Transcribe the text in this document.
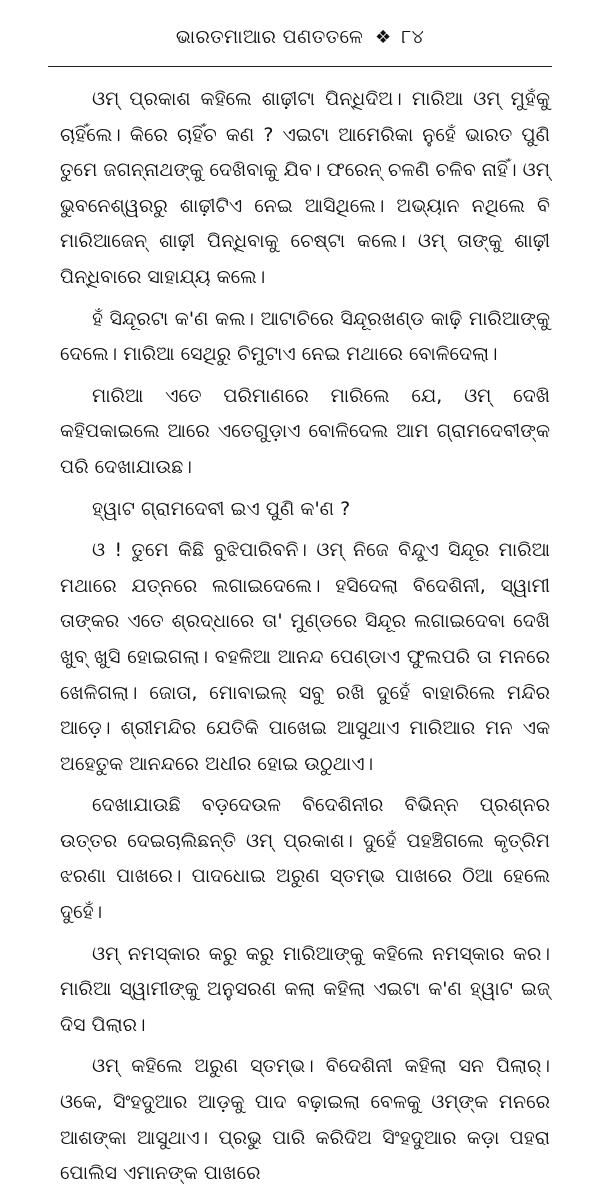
ଭାରତମାଆର ପଣତତଳେ ❖ ୮୪

ଓମ୍ ପ୍ରକାଶ କହିଲେ ଶାଢ଼ୀଟା ପିନ୍ଧିଦିଅ। ମାରିଆ ଓମ୍ ମୁହଁକୁ ଚାହିଁଲେ। କିରେ ଚାହିଁଚ କଣ ? ଏଇଟା ଆମେରିକା ନୁହେଁ ଭାରତ ପୁଣି ତୁମେ ଜଗନ୍ନାଥଙ୍କୁ ଦେଖିବାକୁ ଯିବ। ଫରେନ୍ ଚଳଣି ଚଳିବ ନାହିଁ। ଓମ୍ ଭୁବନେଶ୍ୱରରୁ ଶାଢ଼ୀଟିଏ ନେଇ ଆସିଥିଲେ। ଅଭ୍ୟାନ ନଥିଲେ ବି ମାରିଆଜେନ୍ ଶାଢ଼ୀ ପିନ୍ଧିବାକୁ ଚେଷ୍ଟା କଲେ। ଓମ୍ ତାଙ୍କୁ ଶାଢ଼ୀ ପିନ୍ଧିବାରେ ସାହାଯ୍ୟ କଲେ।

ହଁ ସିନ୍ଦୂରଟା କ'ଣ କଲ। ଆଟାଚିରେ ସିନ୍ଦୂରଖଣ୍ଡ କାଢ଼ି ମାରିଆଙ୍କୁ ଦେଲେ। ମାରିଆ ସେଥିରୁ ଚିମୁଟାଏ ନେଇ ମଥାରେ ବୋଳିଦେଲା।

ମାରିଆ ଏତେ ପରିମାଣରେ ମାରିଲେ ଯେ, ଓମ୍ ଦେଖି କହିପକାଇଲେ ଆରେ ଏତେଗୁଡ଼ାଏ ବୋଳିଦେଲ ଆମ ଗ୍ରାମଦେବୀଙ୍କ ପରି ଦେଖାଯାଉଛ।

ହ୍ୱାଟ ଗ୍ରାମଦେବୀ ଇଏ ପୁଣି କ'ଣ ?

ଓ ! ତୁମେ କିଛି ବୁଝିପାରିବନି। ଓମ୍ ନିଜେ ବିନ୍ଦୁଏ ସିନ୍ଦୂର ମାରିଆ ମଥାରେ ଯତ୍ନରେ ଲଗାଇଦେଲେ। ହସିଦେଲା ବିଦେଶିନୀ, ସ୍ୱାମୀ ତାଙ୍କର ଏତେ ଶ୍ରଦ୍ଧାରେ ତା' ମୁଣ୍ଡରେ ସିନ୍ଦୂର ଲଗାଇଦେବା ଦେଖି ଖୁବ୍ ଖୁସି ହୋଇଗଲା। ବହଳିଆ ଆନନ୍ଦ ପେଣ୍ଡାଏ ଫୁଲପରି ତା ମନରେ ଖେଳିଗଲା। ଜୋତା, ମୋବାଇଲ୍ ସବୁ ରଖି ଦୁହେଁ ବାହାରିଲେ ମନ୍ଦିର ଆଡ଼େ। ଶ୍ରୀମନ୍ଦିର ଯେତିକି ପାଖେଇ ଆସୁଥାଏ ମାରିଆର ମନ ଏକ ଅହେତୁକ ଆନନ୍ଦରେ ଅଧୀର ହୋଇ ଉଠୁଥାଏ।

ଦେଖାଯାଉଛି ବଡ଼ଦେଉଳ ବିଦେଶିନୀର ବିଭିନ୍ନ ପ୍ରଶ୍ନର ଉତ୍ତର ଦେଇଚାଲିଛନ୍ତି ଓମ୍ ପ୍ରକାଶ। ଦୁହେଁ ପହଞ୍ଚିଗଲେ କୃତ୍ରିମ ଝରଣା ପାଖରେ। ପାଦଧୋଇ ଅରୁଣ ସ୍ତମ୍ଭ ପାଖରେ ଠିଆ ହେଲେ ଦୁହେଁ।

ଓମ୍ ନମସ୍କାର କରୁ କରୁ ମାରିଆଙ୍କୁ କହିଲେ ନମସ୍କାର କର। ମାରିଆ ସ୍ୱାମୀଙ୍କୁ ଅନୁସରଣ କଲା କହିଲା ଏଇଟା କ'ଣ ହ୍ୱାଟ ଇଜ୍ ଦିସ ପିଲାର।

ଓମ୍ କହିଲେ ଅରୁଣ ସ୍ତମ୍ଭ। ବିଦେଶିନୀ କହିଲା ସନ ପିଲାର୍। ଓକେ, ସିଂହଦୁଆର ଆଡ଼କୁ ପାଦ ବଢ଼ାଇଲା ବେଳକୁ ଓମ୍‌ଙ୍କ ମନରେ ଆଶଙ୍କା ଆସୁଥାଏ। ପ୍ରଭୁ ପାରି କରିଦିଅ ସିଂହଦୁଆର କଡ଼ା ପହରା ପୋଲିସ ଏମାନଙ୍କ ପାଖରେ
